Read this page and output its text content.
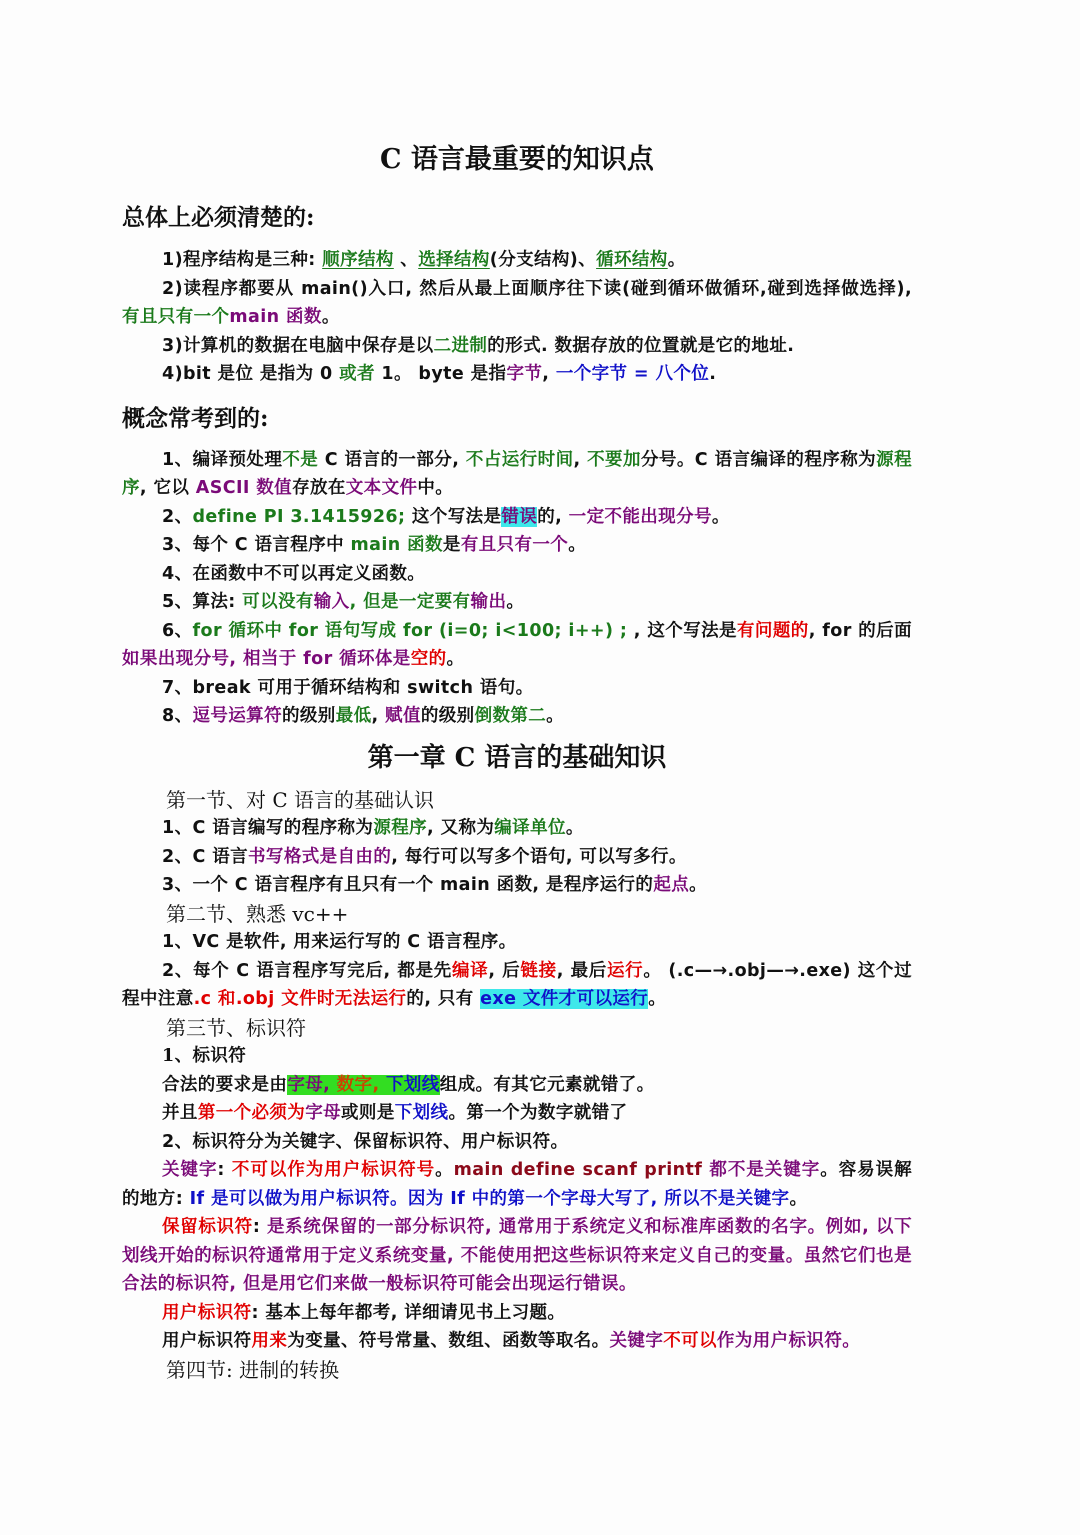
C 语言最重要的知识点
总体上必须清楚的:

1)程序结构是三种: 顺序结构 、选择结构(分支结构)、循环结构。

2)读程序都要从 main()入口, 然后从最上面顺序往下读(碰到循环做循环,碰到选择做选择), 有且只有一个main 函数。

3)计算机的数据在电脑中保存是以二进制的形式. 数据存放的位置就是它的地址.

4)bit 是位 是指为 0 或者 1。 byte 是指字节, 一个字节 = 八个位.

概念常考到的:

1、编译预处理不是 C 语言的一部分, 不占运行时间, 不要加分号。C 语言编译的程序称为源程序, 它以 ASCII 数值存放在文本文件中。

2、define PI 3.1415926; 这个写法是错误的, 一定不能出现分号。

3、每个 C 语言程序中 main 函数是有且只有一个。

4、在函数中不可以再定义函数。

5、算法: 可以没有输入, 但是一定要有输出。

6、for 循环中 for 语句写成 for (i=0; i<100; i++) ; , 这个写法是有问题的, for 的后面如果出现分号, 相当于 for 循环体是空的。

7、break 可用于循环结构和 switch 语句。

8、逗号运算符的级别最低, 赋值的级别倒数第二。

第一章 C 语言的基础知识
第一节、对 C 语言的基础认识

1、C 语言编写的程序称为源程序, 又称为编译单位。

2、C 语言书写格式是自由的, 每行可以写多个语句, 可以写多行。

3、一个 C 语言程序有且只有一个 main 函数, 是程序运行的起点。

第二节、熟悉 vc++

1、VC 是软件, 用来运行写的 C 语言程序。

2、每个 C 语言程序写完后, 都是先编译, 后链接, 最后运行。 (.c—→.obj—→.exe) 这个过程中注意.c 和.obj 文件时无法运行的, 只有 exe 文件才可以运行。

第三节、标识符

1、标识符

合法的要求是由字母, 数字, 下划线组成。有其它元素就错了。

并且第一个必须为字母或则是下划线。第一个为数字就错了

2、标识符分为关键字、保留标识符、用户标识符。

关键字: 不可以作为用户标识符号。main define scanf printf 都不是关键字。容易误解的地方: If 是可以做为用户标识符。因为 If 中的第一个字母大写了, 所以不是关键字。

保留标识符: 是系统保留的一部分标识符, 通常用于系统定义和标准库函数的名字。例如, 以下划线开始的标识符通常用于定义系统变量, 不能使用把这些标识符来定义自己的变量。虽然它们也是合法的标识符, 但是用它们来做一般标识符可能会出现运行错误。

用户标识符: 基本上每年都考, 详细请见书上习题。

用户标识符用来为变量、符号常量、数组、函数等取名。关键字不可以作为用户标识符。

第四节: 进制的转换
